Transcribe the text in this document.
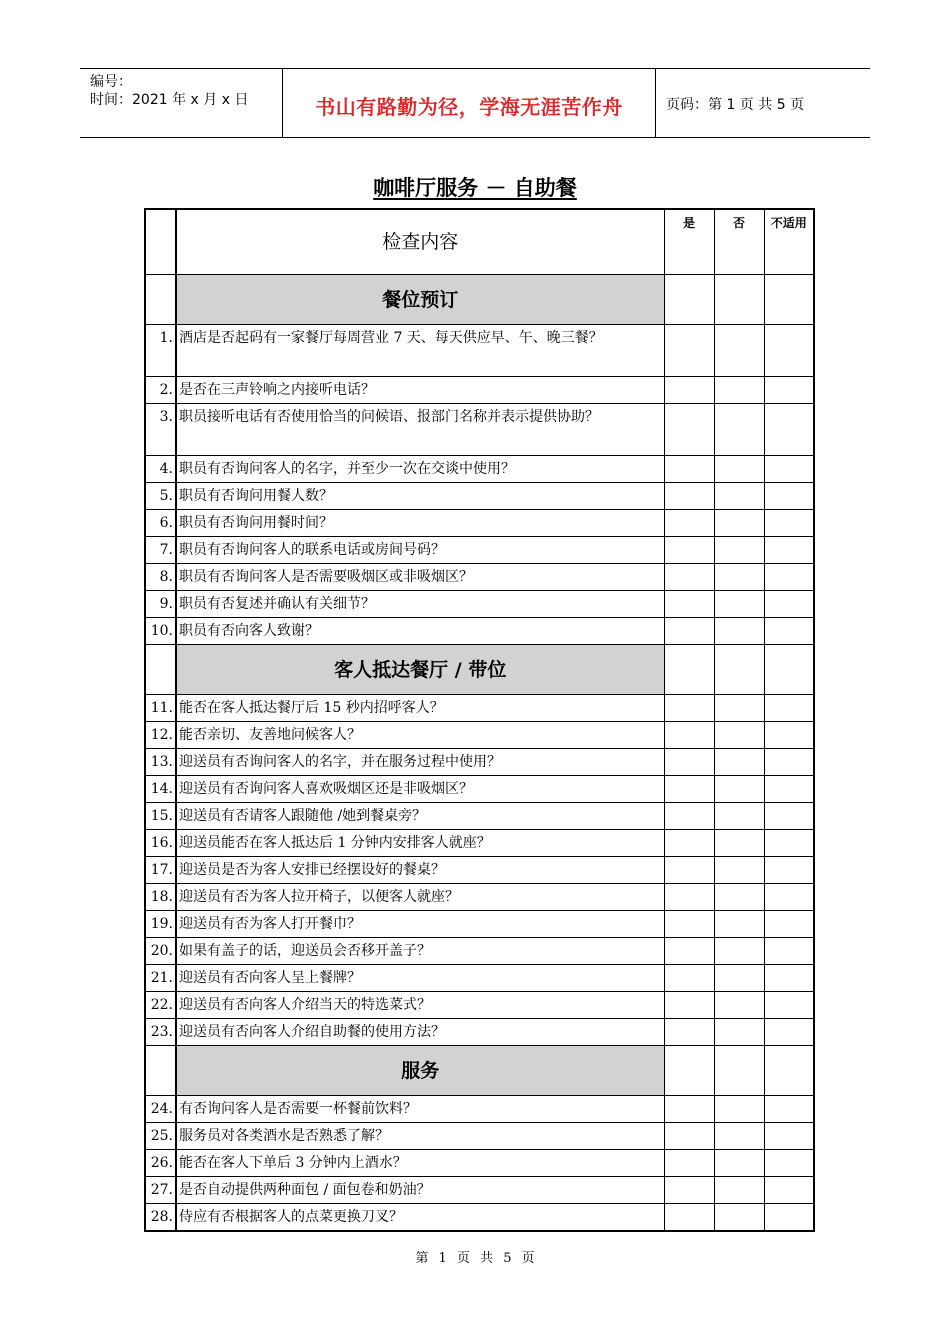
编号：
时间：2021 年 x 月 x 日	书山有路勤为径，学海无涯苦作舟	页码：第 1 页 共 5 页
咖啡厅服务 － 自助餐
	检查内容	是	否	不适用
	餐位预订			
1.	酒店是否起码有一家餐厅每周营业 7 天、每天供应早、午、晚三餐？			
2.	是否在三声铃响之内接听电话？			
3.	职员接听电话有否使用恰当的问候语、报部门名称并表示提供协助？			
4.	职员有否询问客人的名字，并至少一次在交谈中使用？			
5.	职员有否询问用餐人数？			
6.	职员有否询问用餐时间？			
7.	职员有否询问客人的联系电话或房间号码？			
8.	职员有否询问客人是否需要吸烟区或非吸烟区？			
9.	职员有否复述并确认有关细节？			
10.	职员有否向客人致谢？			
	客人抵达餐厅 / 带位			
11.	能否在客人抵达餐厅后 15 秒内招呼客人？			
12.	能否亲切、友善地问候客人？			
13.	迎送员有否询问客人的名字，并在服务过程中使用？			
14.	迎送员有否询问客人喜欢吸烟区还是非吸烟区？			
15.	迎送员有否请客人跟随他 /她到餐桌旁？			
16.	迎送员能否在客人抵达后 1 分钟内安排客人就座？			
17.	迎送员是否为客人安排已经摆设好的餐桌？			
18.	迎送员有否为客人拉开椅子，以便客人就座？			
19.	迎送员有否为客人打开餐巾？			
20.	如果有盖子的话，迎送员会否移开盖子？			
21.	迎送员有否向客人呈上餐牌？			
22.	迎送员有否向客人介绍当天的特选菜式？			
23.	迎送员有否向客人介绍自助餐的使用方法？			
	服务			
24.	有否询问客人是否需要一杯餐前饮料？			
25.	服务员对各类酒水是否熟悉了解？			
26.	能否在客人下单后 3 分钟内上酒水？			
27.	是否自动提供两种面包 / 面包卷和奶油？			
28.	侍应有否根据客人的点菜更换刀叉？			
第 1 页 共 5 页
